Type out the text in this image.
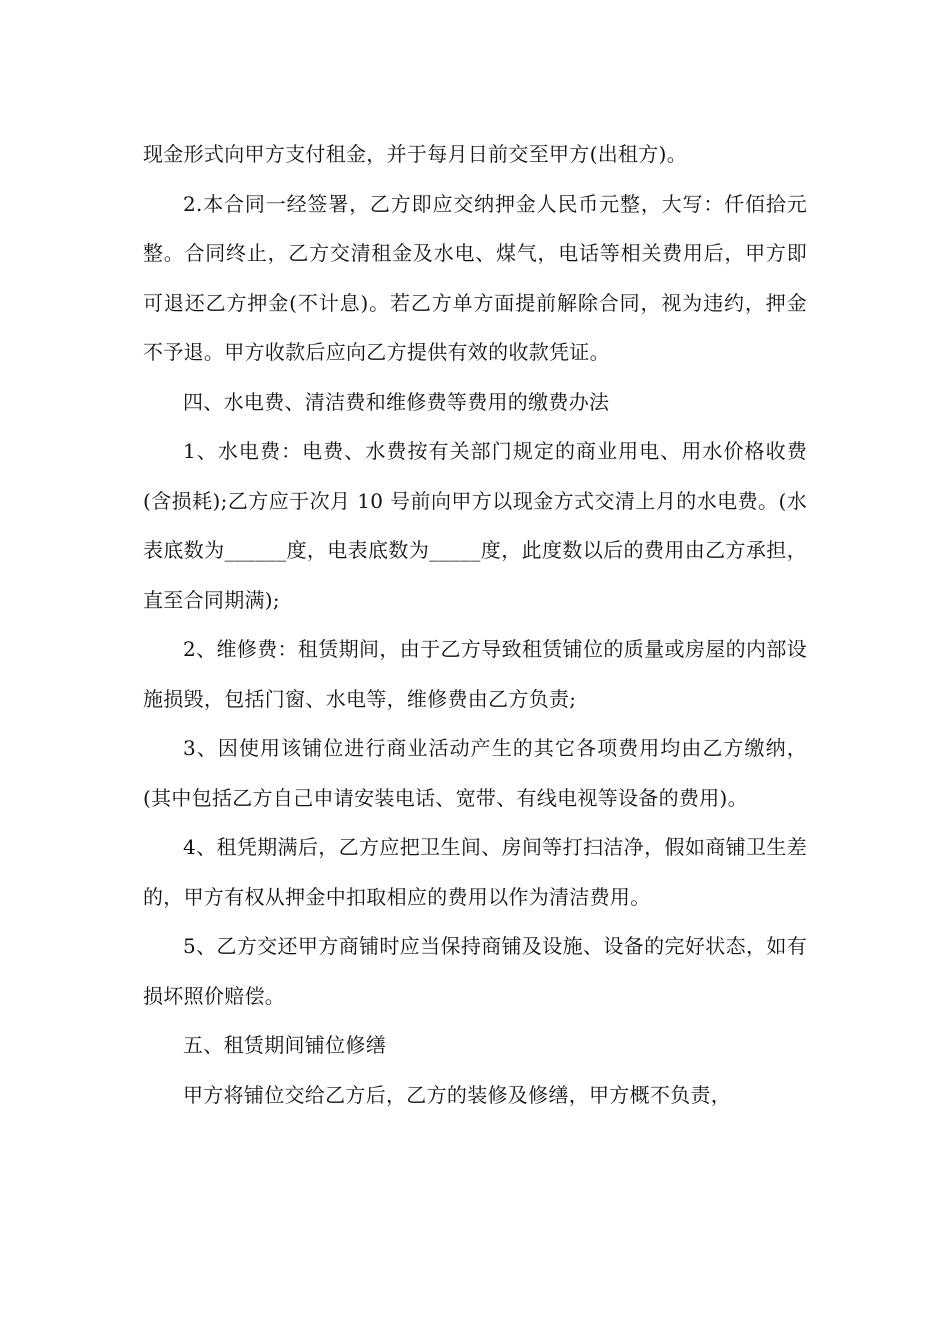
现金形式向甲方支付租金，并于每月日前交至甲方(出租方)。

2.本合同一经签署，乙方即应交纳押金人民币元整，大写：仟佰拾元整。合同终止，乙方交清租金及水电、煤气，电话等相关费用后，甲方即可退还乙方押金(不计息)。若乙方单方面提前解除合同，视为违约，押金不予退。甲方收款后应向乙方提供有效的收款凭证。

四、水电费、清洁费和维修费等费用的缴费办法

1、水电费：电费、水费按有关部门规定的商业用电、用水价格收费(含损耗);乙方应于次月 10 号前向甲方以现金方式交清上月的水电费。(水表底数为______度，电表底数为_____度，此度数以后的费用由乙方承担，直至合同期满);

2、维修费：租赁期间，由于乙方导致租赁铺位的质量或房屋的内部设施损毁，包括门窗、水电等，维修费由乙方负责;

3、因使用该铺位进行商业活动产生的其它各项费用均由乙方缴纳，(其中包括乙方自己申请安装电话、宽带、有线电视等设备的费用)。

4、租凭期满后，乙方应把卫生间、房间等打扫洁净，假如商铺卫生差的，甲方有权从押金中扣取相应的费用以作为清洁费用。

5、乙方交还甲方商铺时应当保持商铺及设施、设备的完好状态，如有损坏照价赔偿。

五、租赁期间铺位修缮

甲方将铺位交给乙方后，乙方的装修及修缮，甲方概不负责，
